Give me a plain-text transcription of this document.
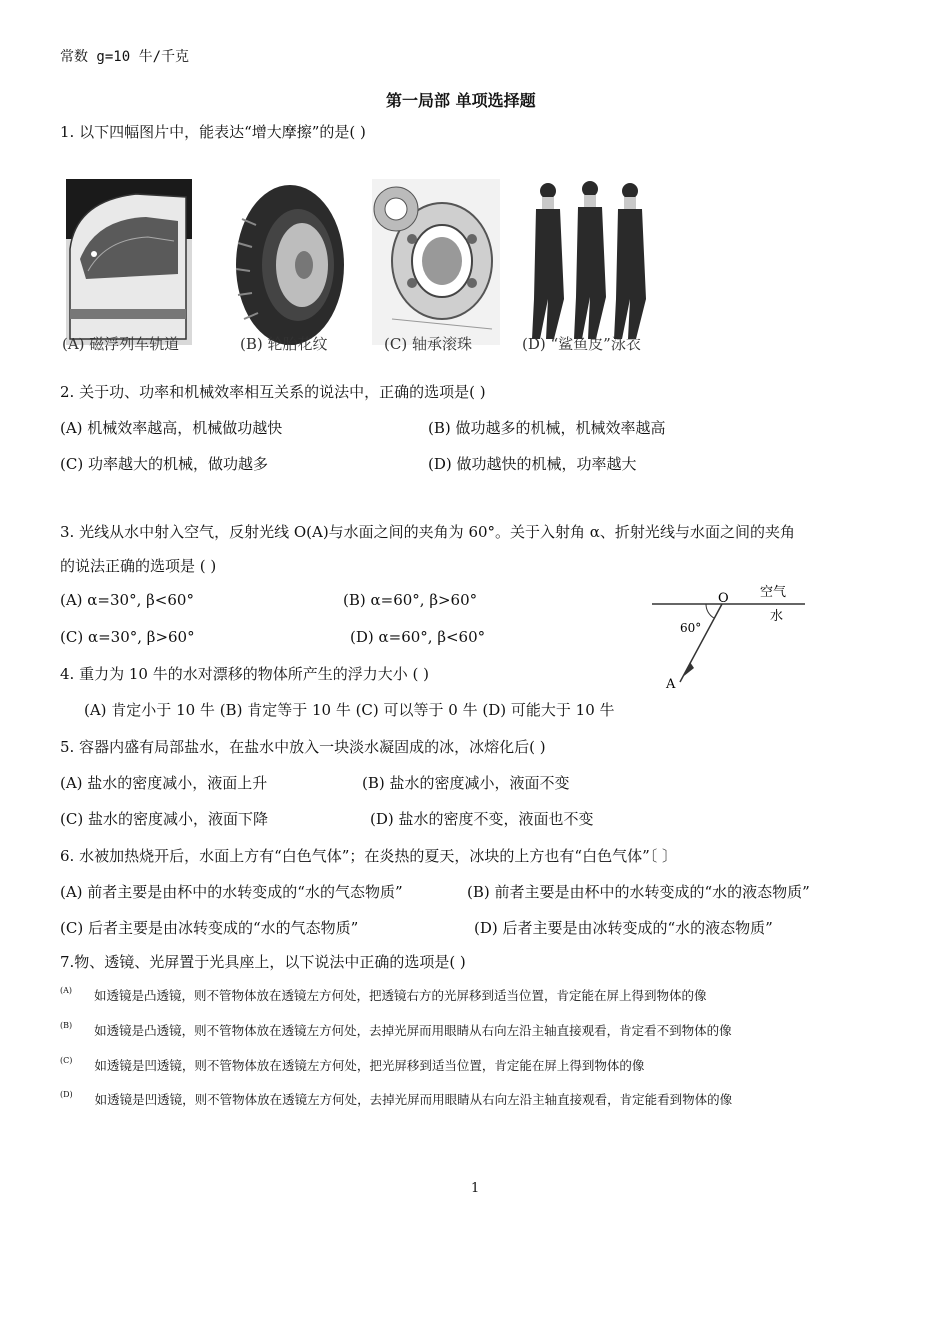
常数 g=10 牛/千克
第一局部 单项选择题
1. 以下四幅图片中，能表达“增大摩擦”的是( )
(A) 磁浮列车轨道	(B) 轮胎花纹	(C) 轴承滚珠	(D) “鲨鱼皮”泳衣
2. 关于功、功率和机械效率相互关系的说法中，正确的选项是( )
(A) 机械效率越高，机械做功越快	(B) 做功越多的机械，机械效率越高
(C) 功率越大的机械，做功越多	(D) 做功越快的机械，功率越大
3. 光线从水中射入空气，反射光线 O(A)与水面之间的夹角为 60°。关于入射角 α、折射光线与水面之间的夹角
的说法正确的选项是 ( )
(A) α=30°, β<60°	(B) α=60°, β>60°
(C) α=30°, β>60°	(D) α=60°, β<60°
O 空气
水
60°
A
4. 重力为 10 牛的水对漂移的物体所产生的浮力大小 ( )
(A) 肯定小于 10 牛 (B) 肯定等于 10 牛 (C) 可以等于 0 牛 (D) 可能大于 10 牛
5. 容器内盛有局部盐水，在盐水中放入一块淡水凝固成的冰，冰熔化后( )
(A) 盐水的密度减小，液面上升	(B) 盐水的密度减小，液面不变
(C) 盐水的密度减小，液面下降	(D) 盐水的密度不变，液面也不变
6. 水被加热烧开后，水面上方有“白色气体”；在炎热的夏天，冰块的上方也有“白色气体”〔 〕
(A) 前者主要是由杯中的水转变成的“水的气态物质”	(B) 前者主要是由杯中的水转变成的“水的液态物质”
(C) 后者主要是由冰转变成的“水的气态物质”	(D) 后者主要是由冰转变成的“水的液态物质”
7.物、透镜、光屏置于光具座上，以下说法中正确的选项是( )
$^{(A)}$ 如透镜是凸透镜，则不管物体放在透镜左方何处，把透镜右方的光屏移到适当位置，肯定能在屏上得到物体的像
$^{(B)}$ 如透镜是凸透镜，则不管物体放在透镜左方何处，去掉光屏而用眼睛从右向左沿主轴直接观看，肯定看不到物体的像
$^{(C)}$ 如透镜是凹透镜，则不管物体放在透镜左方何处，把光屏移到适当位置，肯定能在屏上得到物体的像
$^{(D)}$ 如透镜是凹透镜，则不管物体放在透镜左方何处，去掉光屏而用眼睛从右向左沿主轴直接观看，肯定能看到物体的像
1
